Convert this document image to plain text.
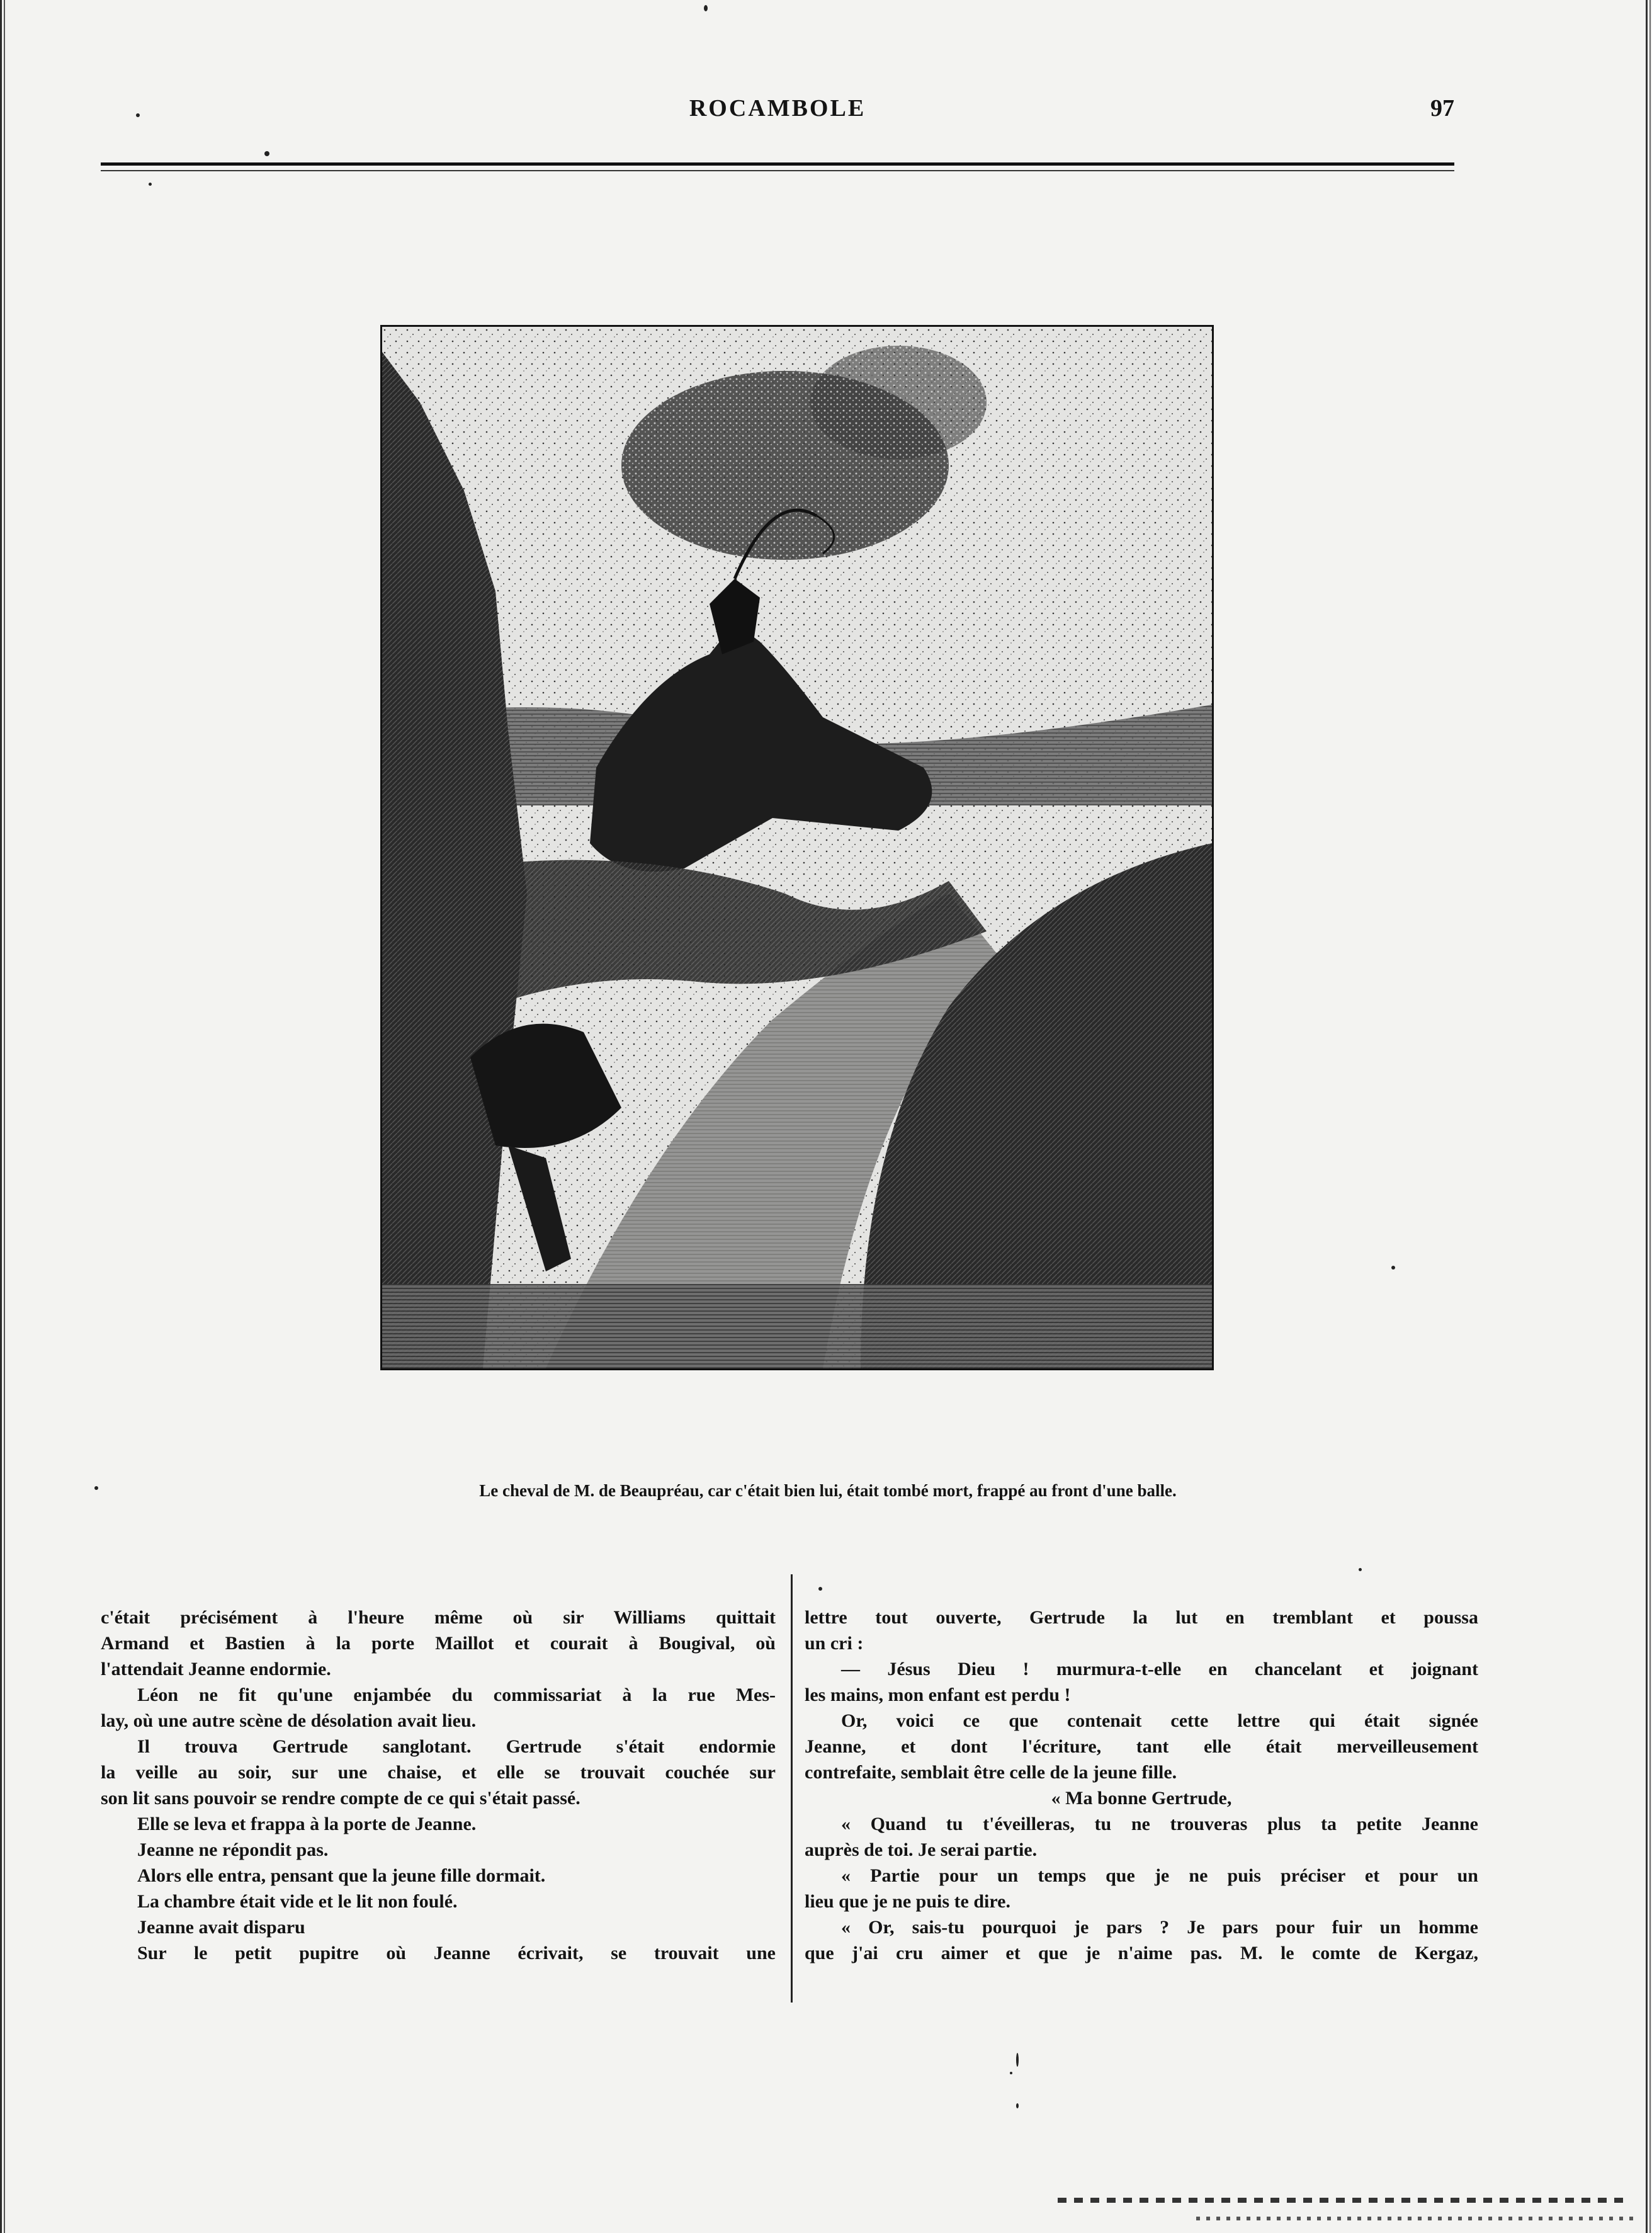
ROCAMBOLE	97
Le cheval de M. de Beaupréau, car c'était bien lui, était tombé mort, frappé au front d'une balle.
c'était précisément à l'heure même où sir Williams quittait
Armand et Bastien à la porte Maillot et courait à Bougival, où
l'attendait Jeanne endormie.
Léon ne fit qu'une enjambée du commissariat à la rue Mes-
lay, où une autre scène de désolation avait lieu.
Il trouva Gertrude sanglotant. Gertrude s'était endormie
la veille au soir, sur une chaise, et elle se trouvait couchée sur
son lit sans pouvoir se rendre compte de ce qui s'était passé.
Elle se leva et frappa à la porte de Jeanne.
Jeanne ne répondit pas.
Alors elle entra, pensant que la jeune fille dormait.
La chambre était vide et le lit non foulé.
Jeanne avait disparu
Sur le petit pupitre où Jeanne écrivait, se trouvait une
lettre tout ouverte, Gertrude la lut en tremblant et poussa
un cri :
— Jésus Dieu ! murmura-t-elle en chancelant et joignant
les mains, mon enfant est perdu !
Or, voici ce que contenait cette lettre qui était signée
Jeanne, et dont l'écriture, tant elle était merveilleusement
contrefaite, semblait être celle de la jeune fille.
« Ma bonne Gertrude,
« Quand tu t'éveilleras, tu ne trouveras plus ta petite Jeanne
auprès de toi. Je serai partie.
« Partie pour un temps que je ne puis préciser et pour un
lieu que je ne puis te dire.
« Or, sais-tu pourquoi je pars ? Je pars pour fuir un homme
que j'ai cru aimer et que je n'aime pas. M. le comte de Kergaz,
